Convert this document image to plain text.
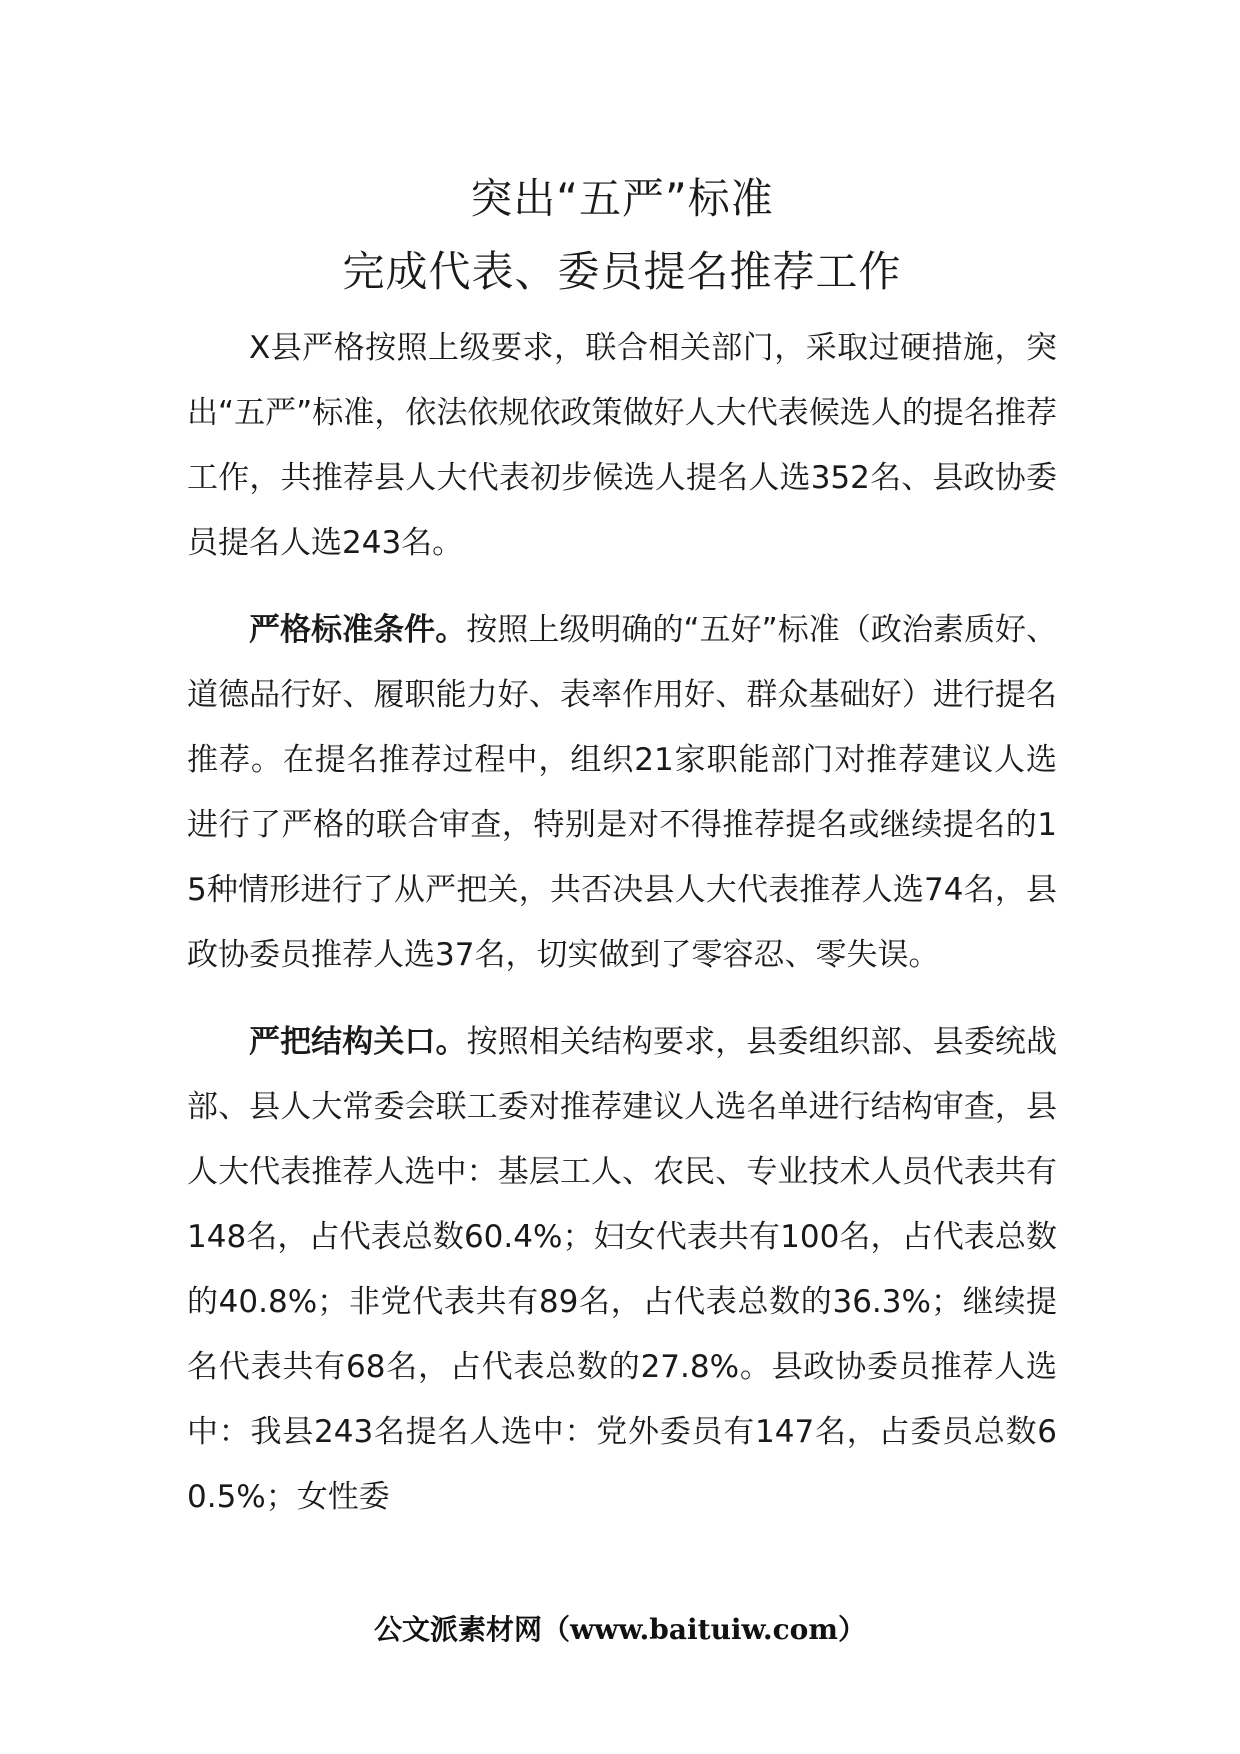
突出“五严”标准
完成代表、委员提名推荐工作

X县严格按照上级要求，联合相关部门，采取过硬措施，突出“五严”标准，依法依规依政策做好人大代表候选人的提名推荐工作，共推荐县人大代表初步候选人提名人选352名、县政协委员提名人选243名。

严格标准条件。按照上级明确的“五好”标准（政治素质好、道德品行好、履职能力好、表率作用好、群众基础好）进行提名推荐。在提名推荐过程中，组织21家职能部门对推荐建议人选进行了严格的联合审查，特别是对不得推荐提名或继续提名的15种情形进行了从严把关，共否决县人大代表推荐人选74名，县政协委员推荐人选37名，切实做到了零容忍、零失误。

严把结构关口。按照相关结构要求，县委组织部、县委统战部、县人大常委会联工委对推荐建议人选名单进行结构审查，县人大代表推荐人选中：基层工人、农民、专业技术人员代表共有148名，占代表总数60.4%；妇女代表共有100名，占代表总数的40.8%；非党代表共有89名，占代表总数的36.3%；继续提名代表共有68名，占代表总数的27.8%。县政协委员推荐人选中：我县243名提名人选中：党外委员有147名，占委员总数60.5%；女性委

公文派素材网（www.baituiw.com）
